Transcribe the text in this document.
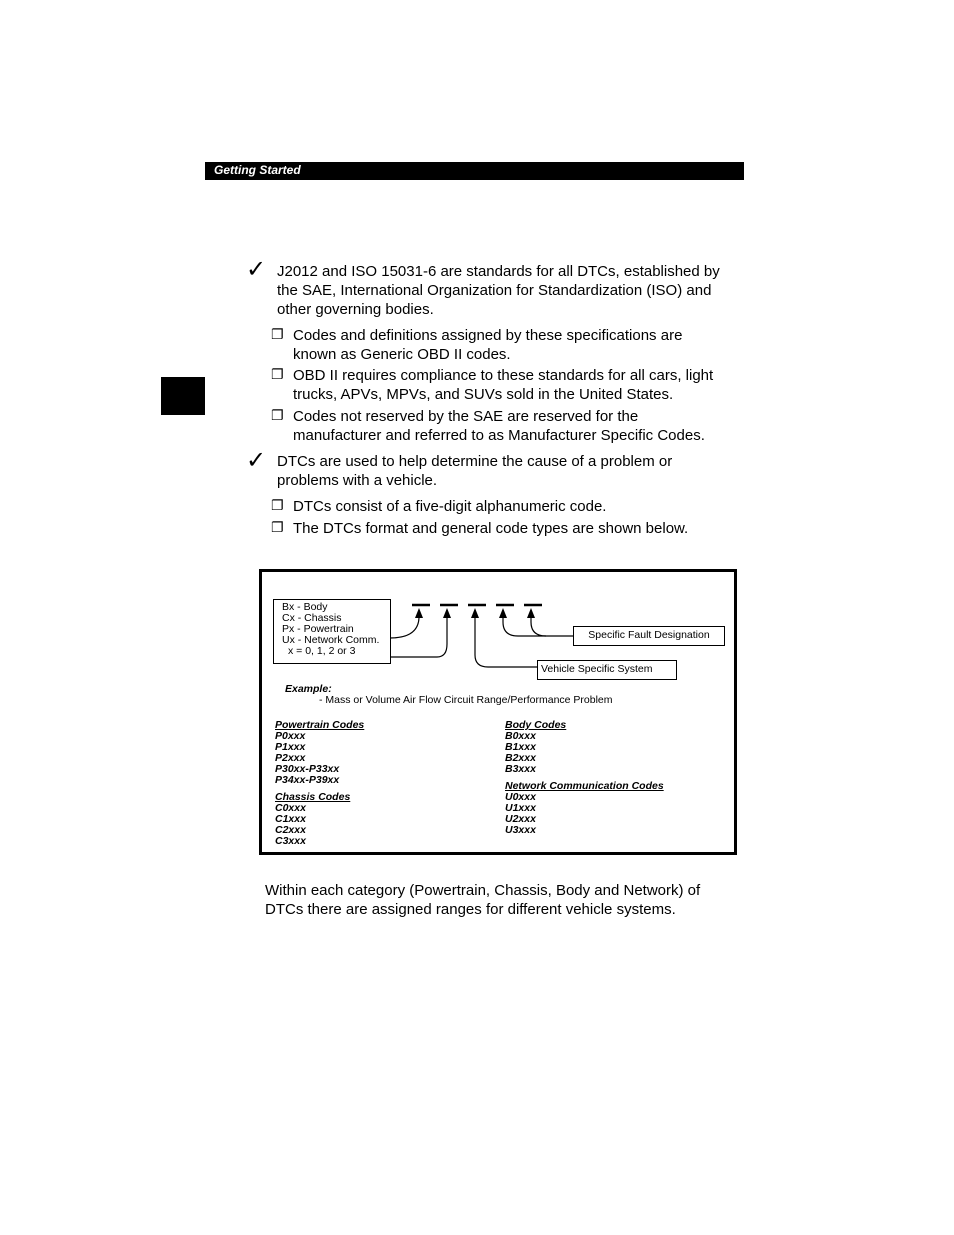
Getting Started
✓ J2012 and ISO 15031-6 are standards for all DTCs, established by
the SAE, International Organization for Standardization (ISO) and
other governing bodies.
❐ Codes and definitions assigned by these specifications are
known as Generic OBD II codes.
❐ OBD II requires compliance to these standards for all cars, light
trucks, APVs, MPVs, and SUVs sold in the United States.
❐ Codes not reserved by the SAE are reserved for the
manufacturer and referred to as Manufacturer Specific Codes.
✓ DTCs are used to help determine the cause of a problem or
problems with a vehicle.
❐ DTCs consist of a five-digit alphanumeric code.
❐ The DTCs format and general code types are shown below.
Bx - Body
Cx - Chassis
Px - Powertrain
Ux - Network Comm.
x = 0, 1, 2 or 3
Specific Fault Designation
Vehicle Specific System
Example:
- Mass or Volume Air Flow Circuit Range/Performance Problem
Powertrain Codes
P0xxx
P1xxx
P2xxx
P30xx-P33xx
P34xx-P39xx
Chassis Codes
C0xxx
C1xxx
C2xxx
C3xxx
Body Codes
B0xxx
B1xxx
B2xxx
B3xxx
Network Communication Codes
U0xxx
U1xxx
U2xxx
U3xxx
Within each category (Powertrain, Chassis, Body and Network) of
DTCs there are assigned ranges for different vehicle systems.
